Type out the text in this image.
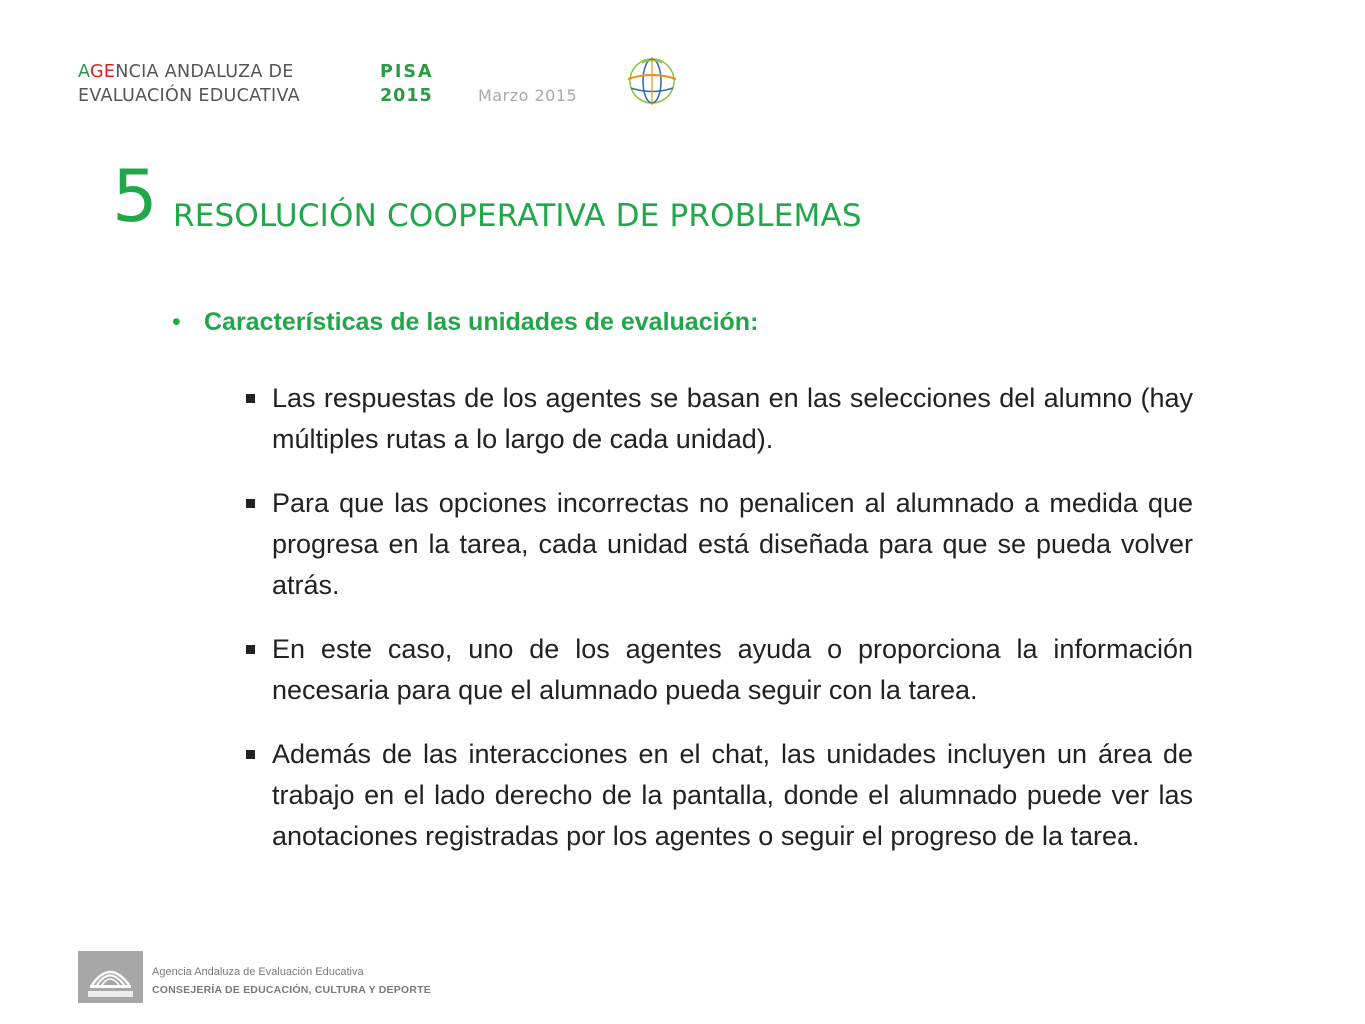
AGENCIA ANDALUZA DE
EVALUACIÓN EDUCATIVA
PISA
2015	Marzo 2015
5 RESOLUCIÓN COOPERATIVA DE PROBLEMAS
• Características de las unidades de evaluación:
Las respuestas de los agentes se basan en las selecciones del alumno (hay múltiples rutas a lo largo de cada unidad).
Para que las opciones incorrectas no penalicen al alumnado a medida que progresa en la tarea, cada unidad está diseñada para que se pueda volver atrás.
En este caso, uno de los agentes ayuda o proporciona la información necesaria para que el alumnado pueda seguir con la tarea.
Además de las interacciones en el chat, las unidades incluyen un área de trabajo en el lado derecho de la pantalla, donde el alumnado puede ver las anotaciones registradas por los agentes o seguir el progreso de la tarea.
Agencia Andaluza de Evaluación Educativa
CONSEJERÍA DE EDUCACIÓN, CULTURA Y DEPORTE
